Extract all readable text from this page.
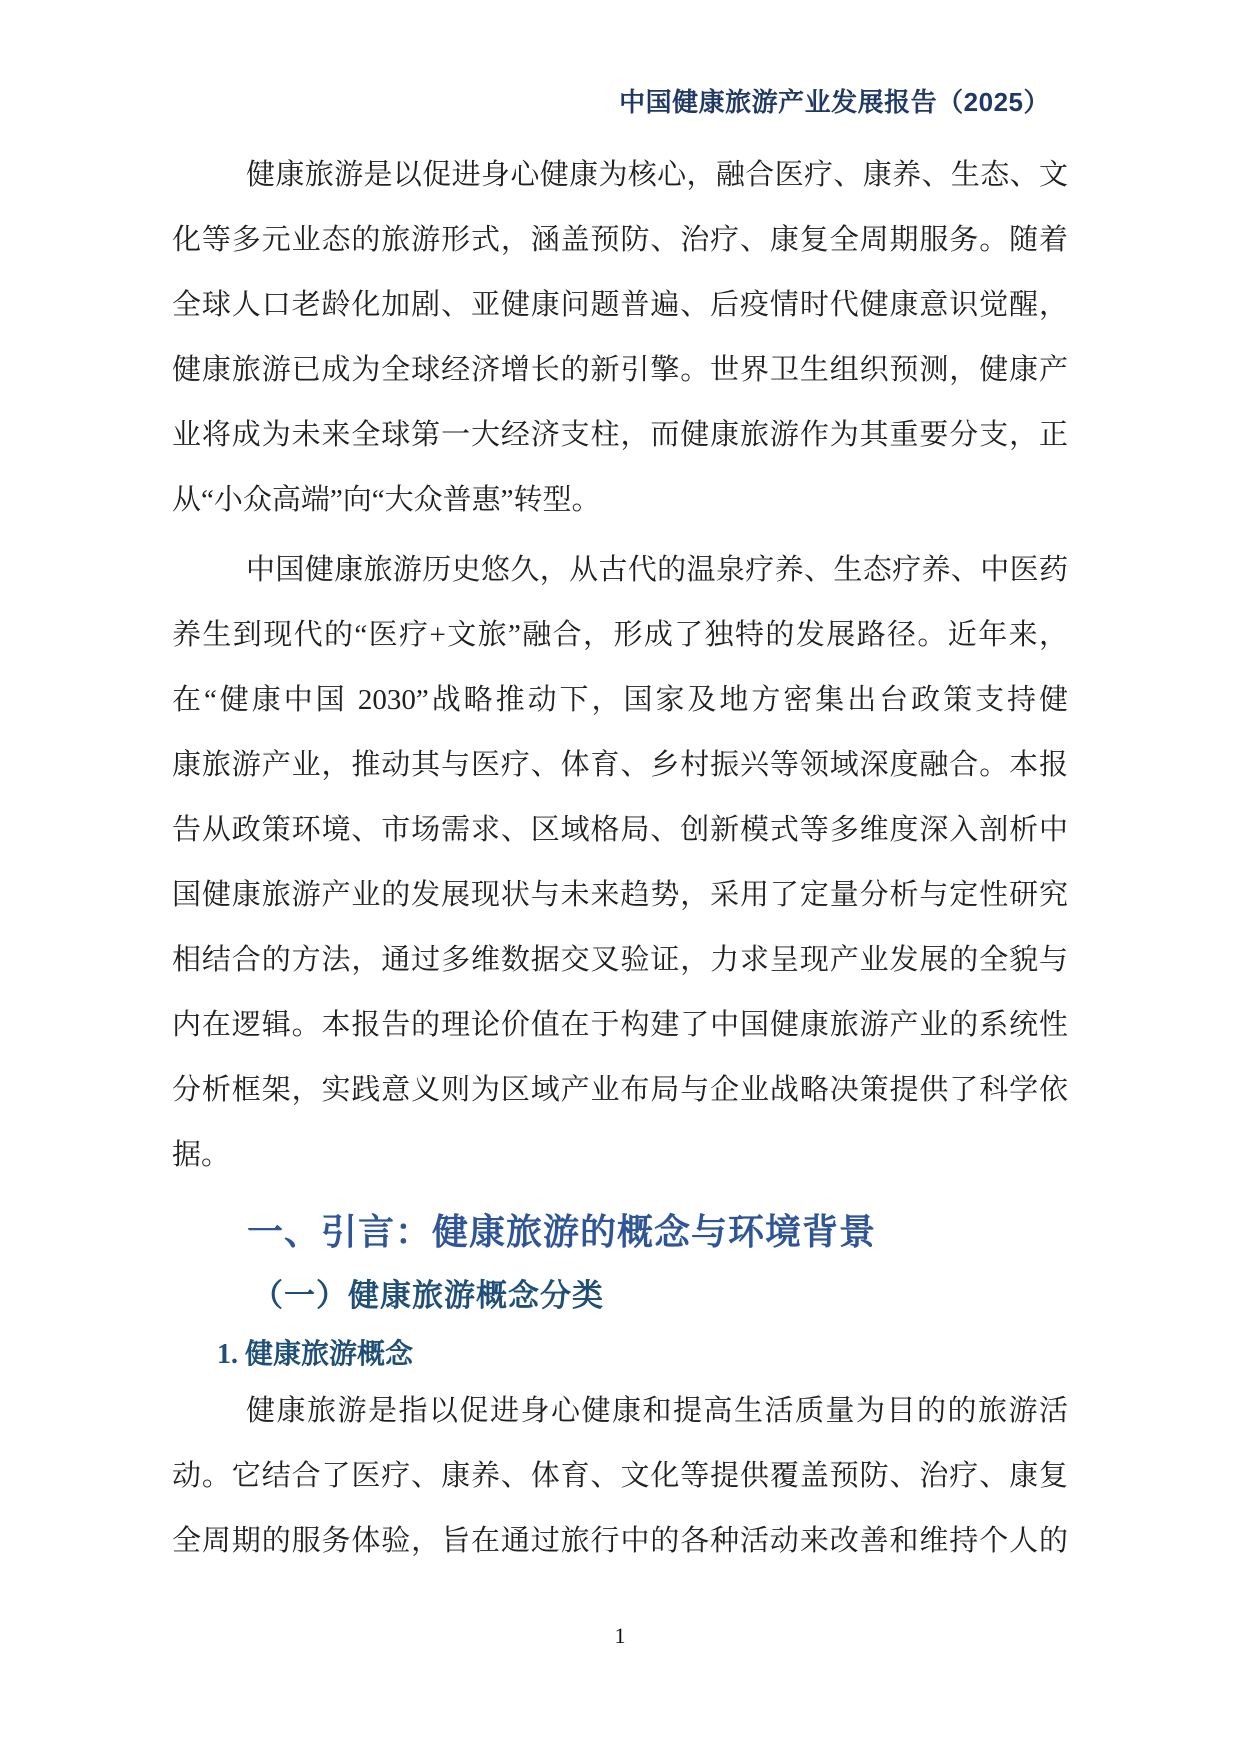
中国健康旅游产业发展报告（2025）
健康旅游是以促进身心健康为核心，融合医疗、康养、生态、文
化等多元业态的旅游形式，涵盖预防、治疗、康复全周期服务。随着
全球人口老龄化加剧、亚健康问题普遍、后疫情时代健康意识觉醒，
健康旅游已成为全球经济增长的新引擎。世界卫生组织预测，健康产
业将成为未来全球第一大经济支柱，而健康旅游作为其重要分支，正
从“小众高端”向“大众普惠”转型。
中国健康旅游历史悠久，从古代的温泉疗养、生态疗养、中医药
养生到现代的“医疗+文旅”融合，形成了独特的发展路径。近年来，
在“健康中国 2030”战略推动下，国家及地方密集出台政策支持健
康旅游产业，推动其与医疗、体育、乡村振兴等领域深度融合。本报
告从政策环境、市场需求、区域格局、创新模式等多维度深入剖析中
国健康旅游产业的发展现状与未来趋势，采用了定量分析与定性研究
相结合的方法，通过多维数据交叉验证，力求呈现产业发展的全貌与
内在逻辑。本报告的理论价值在于构建了中国健康旅游产业的系统性
分析框架，实践意义则为区域产业布局与企业战略决策提供了科学依
据。
一、引言：健康旅游的概念与环境背景
（一）健康旅游概念分类
1. 健康旅游概念
健康旅游是指以促进身心健康和提高生活质量为目的的旅游活
动。它结合了医疗、康养、体育、文化等提供覆盖预防、治疗、康复
全周期的服务体验，旨在通过旅行中的各种活动来改善和维持个人的
1
